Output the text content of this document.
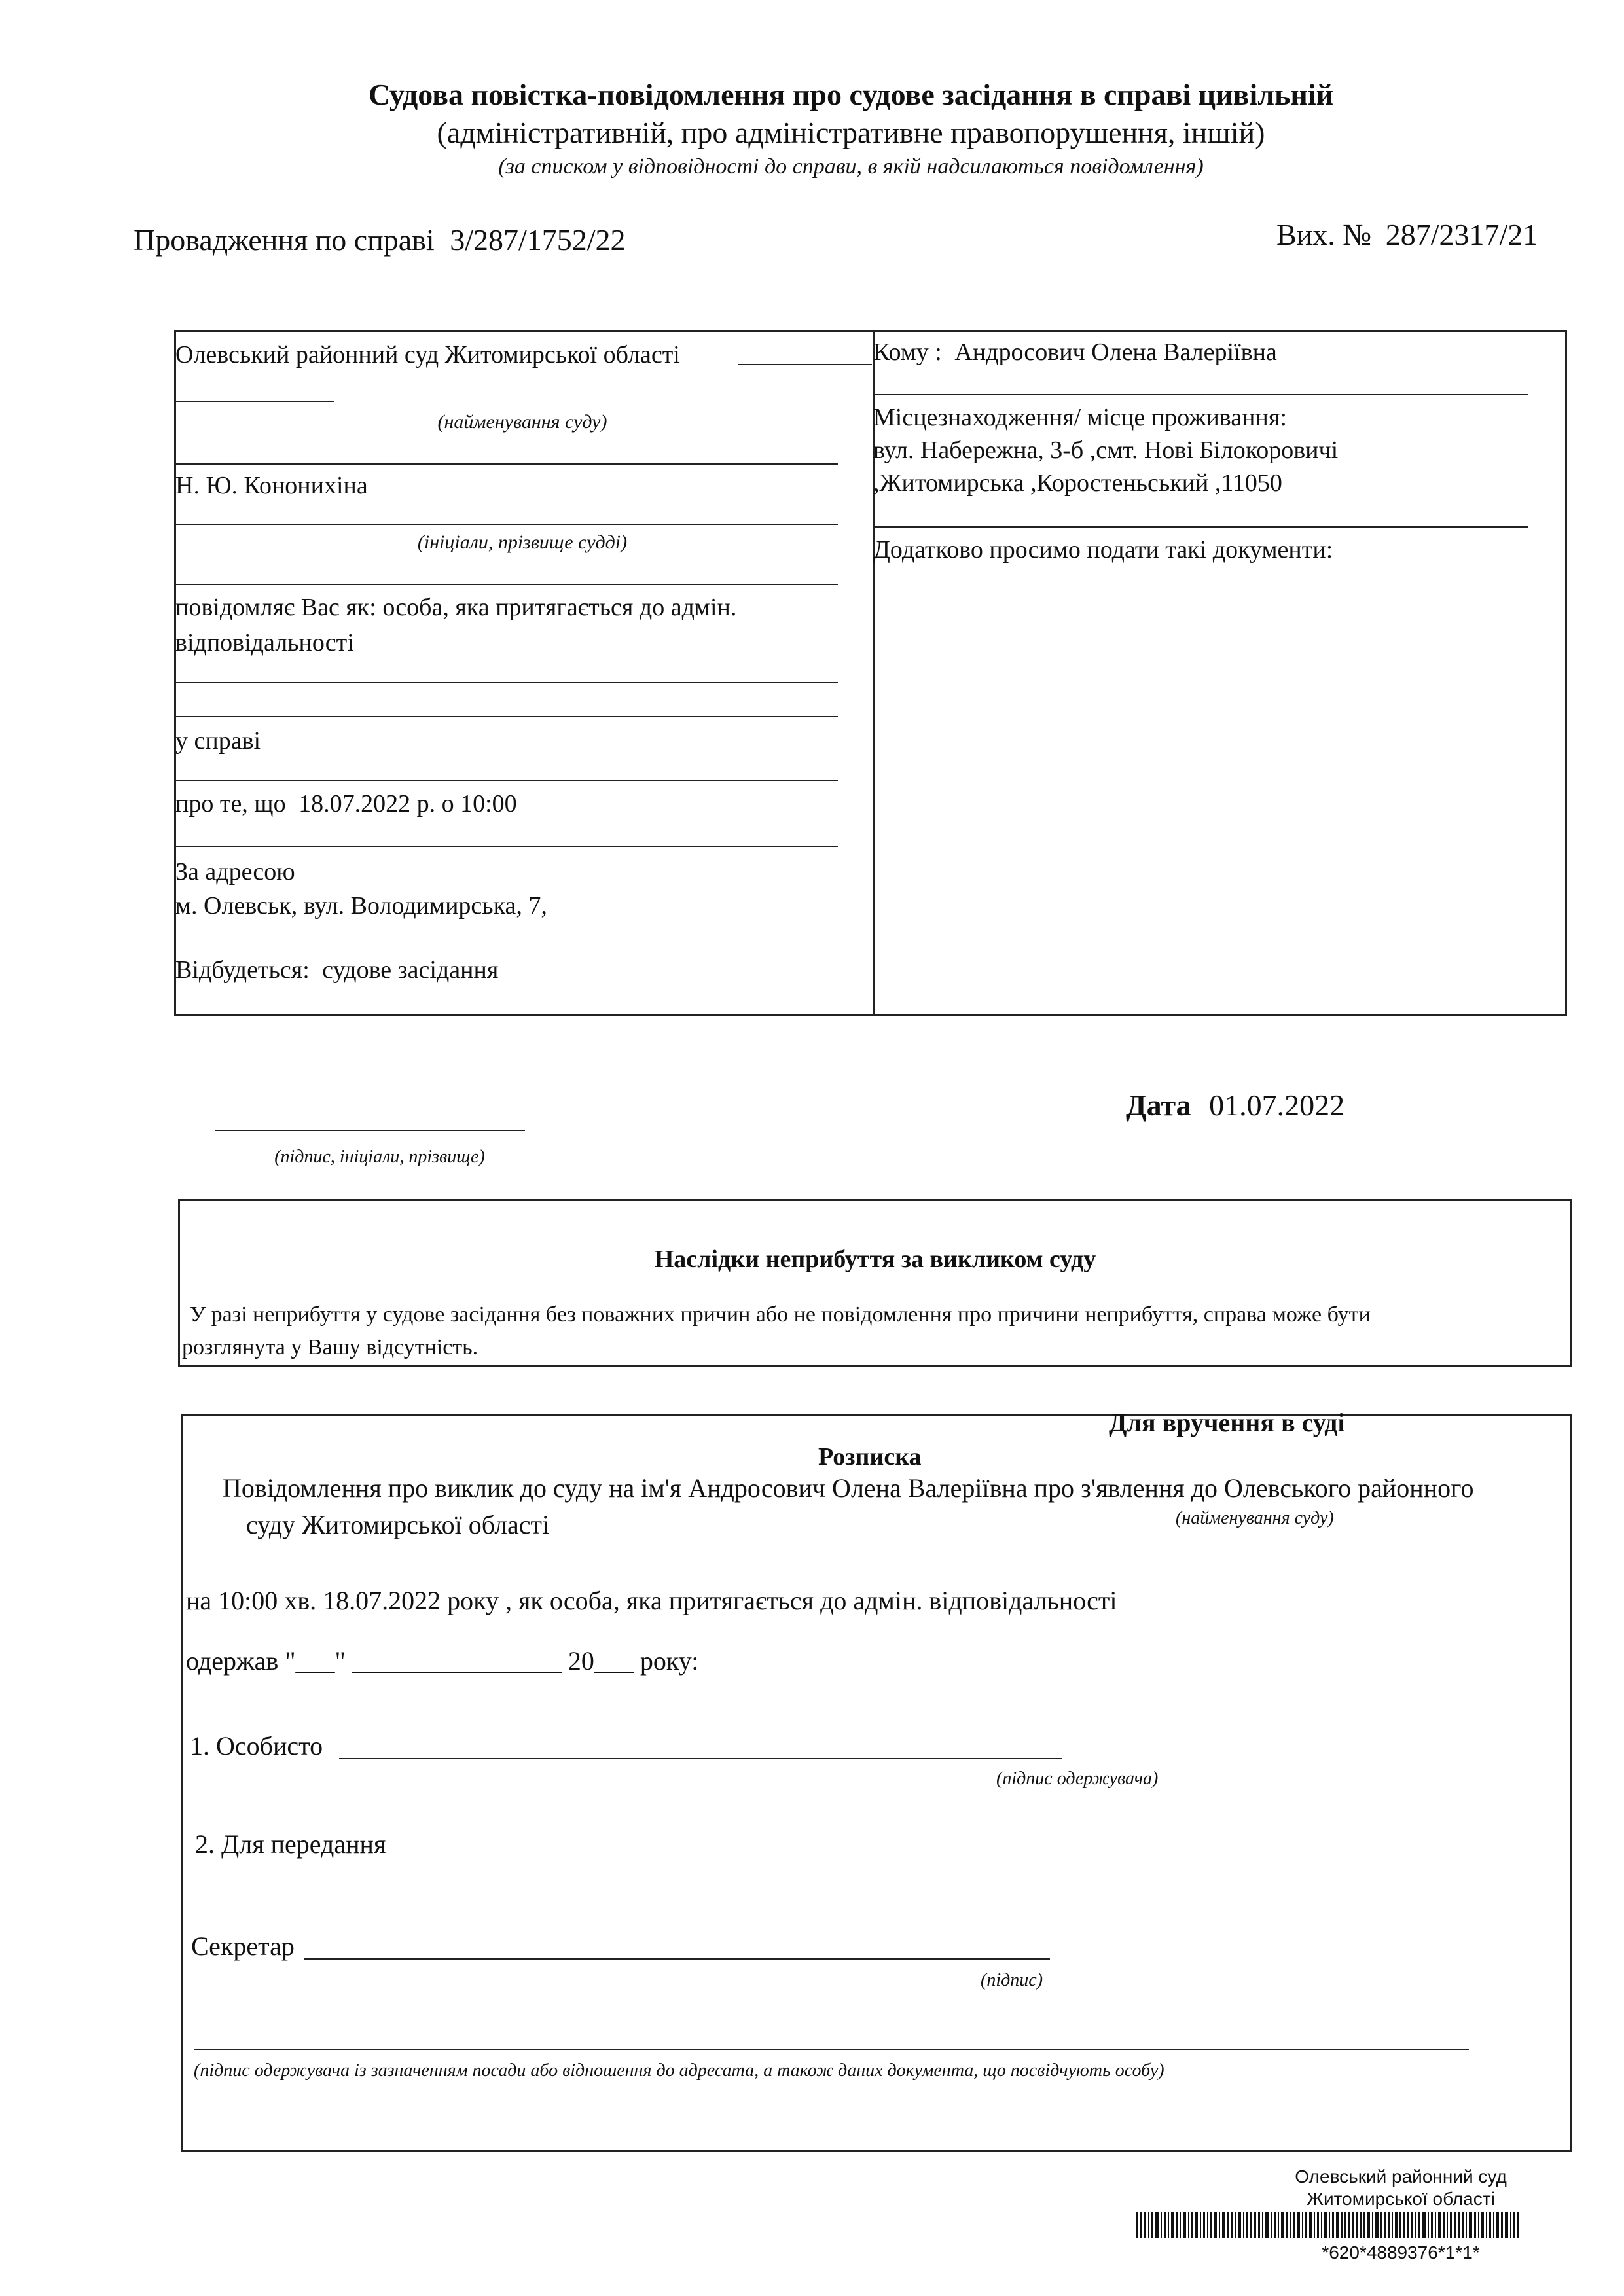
Судова повістка-повідомлення про судове засідання в справі цивільній
(адміністративній, про адміністративне правопорушення, іншій)
(за списком у відповідності до справи, в якій надсилаються повідомлення)
Провадження по справі 3/287/1752/22	Вих. № 287/2317/21
Олевський районний суд Житомирської області
(найменування суду)
Н. Ю. Кононихіна
(ініціали, прізвище судді)
повідомляє Вас як: особа, яка притягається до адмін.
відповідальності
у справі
про те, що 18.07.2022 р. о 10:00
За адресою
м. Олевськ, вул. Володимирська, 7,
Відбудеться: судове засідання
Кому : Андросович Олена Валеріївна
Місцезнаходження/ місце проживання:
вул. Набережна, 3-б ,смт. Нові Білокоровичі
,Житомирська ,Коростеньський ,11050
Додатково просимо подати такі документи:
(підпис, ініціали, прізвище)
Дата 01.07.2022
Наслідки неприбуття за викликом суду
У разі неприбуття у судове засідання без поважних причин або не повідомлення про причини неприбуття, справа може бути
розглянута у Вашу відсутність.
Для вручення в суді
Розписка
Повідомлення про виклик до суду на ім'я Андросович Олена Валеріївна про з'явлення до Олевського районного
суду Житомирської області	(найменування суду)
на 10:00 хв. 18.07.2022 року , як особа, яка притягається до адмін. відповідальності
одержав "___" ________________ 20___ року:
1. Особисто
(підпис одержувача)
2. Для передання
Секретар
(підпис)
(підпис одержувача із зазначенням посади або відношення до адресата, а також даних документа, що посвідчують особу)
Олевський районний суд
Житомирської області
*620*4889376*1*1*
